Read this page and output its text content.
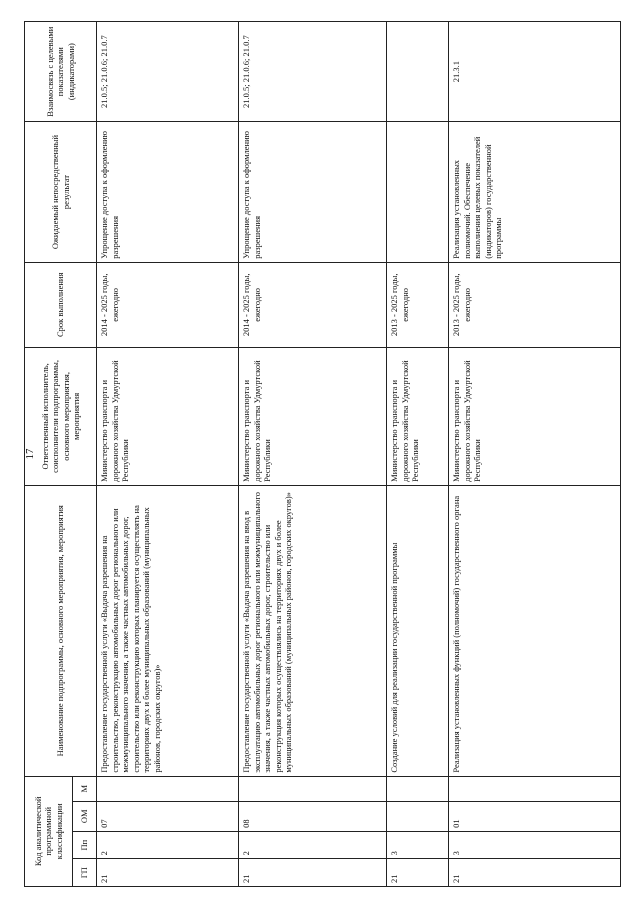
17
Код аналитической программной классификации				Наименование подпрограммы, основного мероприятия, мероприятия	Ответственный исполнитель, соисполнители подпрограммы, основного мероприятия, мероприятия	Срок выполнения	Ожидаемый непосредственный результат	Взаимосвязь с целевыми показателями (индикаторами)
ГП	Пп	ОМ	М					
21	2	07		Предоставление государственной услуги «Выдача разрешения на строительство, реконструкцию автомобильных дорог регионального или межмуниципального значения, а также частных автомобильных дорог, строительство или реконструкцию которых планируется осуществлять на территориях двух и более муниципальных образований (муниципальных районов, городских округов)»	Министерство транспорта и дорожного хозяйства Удмуртской Республики	2014 - 2025 годы, ежегодно	Упрощение доступа к оформлению разрешения	21.0.5; 21.0.6; 21.0.7
21	2	08		Предоставление государственной услуги «Выдача разрешения на ввод в эксплуатацию автомобильных дорог регионального или межмуниципального значения, а также частных автомобильных дорог, строительство или реконструкция которых осуществлялись на территориях двух и более муниципальных образований (муниципальных районов, городских округов)»	Министерство транспорта и дорожного хозяйства Удмуртской Республики	2014 - 2025 годы, ежегодно	Упрощение доступа к оформлению разрешения	21.0.5; 21.0.6; 21.0.7
21	3			Создание условий для реализации государственной программы	Министерство транспорта и дорожного хозяйства Удмуртской Республики	2013 - 2025 годы, ежегодно		
21	3	01		Реализация установленных функций (полномочий) государственного органа	Министерство транспорта и дорожного хозяйства Удмуртской Республики	2013 - 2025 годы, ежегодно	Реализация установленных полномочий. Обеспечение выполнения целевых показателей (индикаторов) государственной программы	21.3.1
